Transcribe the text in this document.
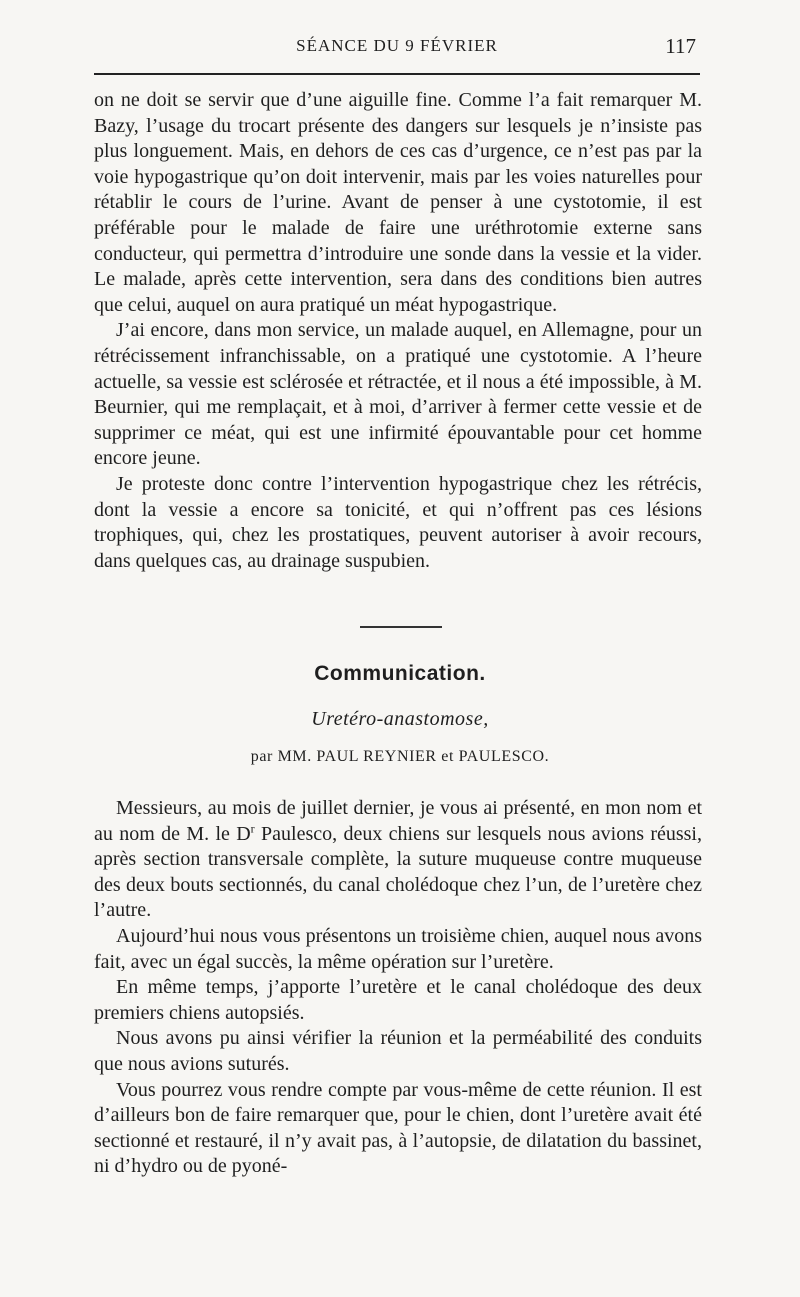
SÉANCE DU 9 FÉVRIER	117

on ne doit se servir que d’une aiguille fine. Comme l’a fait remarquer M. Bazy, l’usage du trocart présente des dangers sur lesquels je n’insiste pas plus longuement. Mais, en dehors de ces cas d’urgence, ce n’est pas par la voie hypogastrique qu’on doit intervenir, mais par les voies naturelles pour rétablir le cours de l’urine. Avant de penser à une cystotomie, il est préférable pour le malade de faire une uréthrotomie externe sans conducteur, qui permettra d’introduire une sonde dans la vessie et la vider. Le malade, après cette intervention, sera dans des conditions bien autres que celui, auquel on aura pratiqué un méat hypogastrique.

J’ai encore, dans mon service, un malade auquel, en Allemagne, pour un rétrécissement infranchissable, on a pratiqué une cystotomie. A l’heure actuelle, sa vessie est sclérosée et rétractée, et il nous a été impossible, à M. Beurnier, qui me remplaçait, et à moi, d’arriver à fermer cette vessie et de supprimer ce méat, qui est une infirmité épouvantable pour cet homme encore jeune.

Je proteste donc contre l’intervention hypogastrique chez les rétrécis, dont la vessie a encore sa tonicité, et qui n’offrent pas ces lésions trophiques, qui, chez les prostatiques, peuvent autoriser à avoir recours, dans quelques cas, au drainage suspubien.

Communication.
Uretéro-anastomose,
par MM. PAUL REYNIER et PAULESCO.

Messieurs, au mois de juillet dernier, je vous ai présenté, en mon nom et au nom de M. le $D^r$ Paulesco, deux chiens sur lesquels nous avions réussi, après section transversale complète, la suture muqueuse contre muqueuse des deux bouts sectionnés, du canal cholédoque chez l’un, de l’uretère chez l’autre.

Aujourd’hui nous vous présentons un troisième chien, auquel nous avons fait, avec un égal succès, la même opération sur l’uretère.

En même temps, j’apporte l’uretère et le canal cholédoque des deux premiers chiens autopsiés.

Nous avons pu ainsi vérifier la réunion et la perméabilité des conduits que nous avions suturés.

Vous pourrez vous rendre compte par vous-même de cette réunion. Il est d’ailleurs bon de faire remarquer que, pour le chien, dont l’uretère avait été sectionné et restauré, il n’y avait pas, à l’autopsie, de dilatation du bassinet, ni d’hydro ou de pyoné-
